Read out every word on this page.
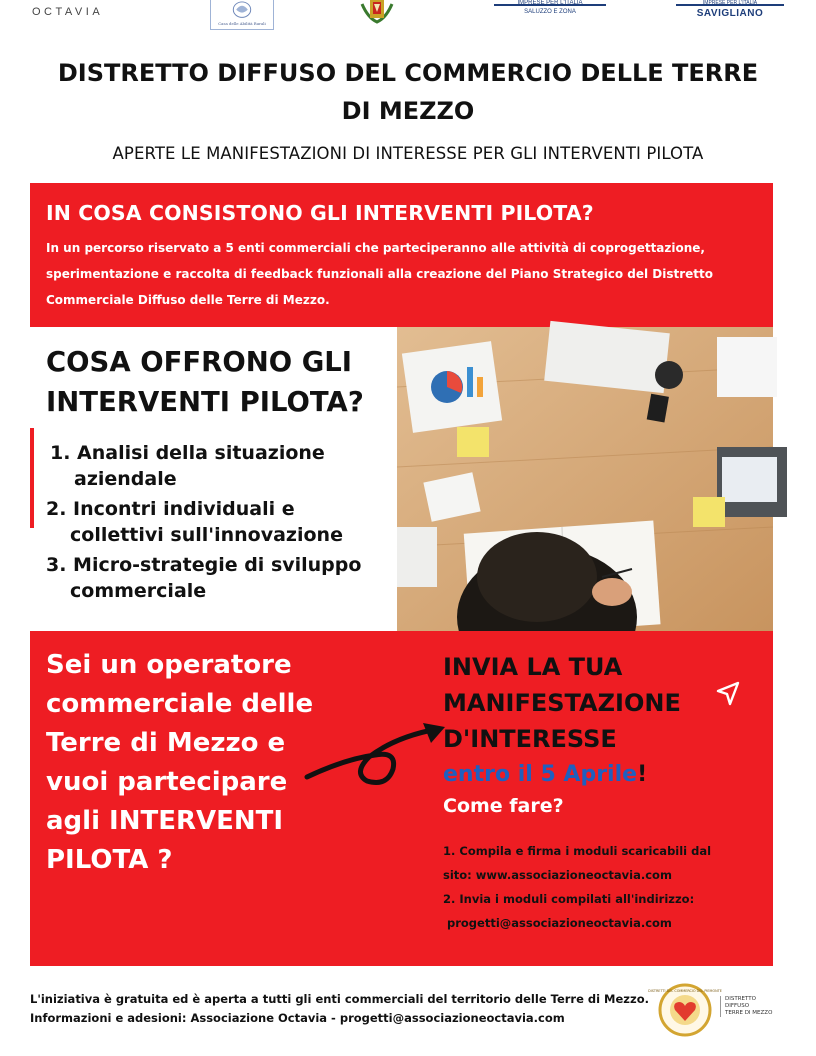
OCTAVIA
Casa delle Abilità Rurali
IMPRESE PER L'ITALIA
SALUZZO E ZONA
IMPRESE PER L'ITALIA
SAVIGLIANO
DISTRETTO DIFFUSO DEL COMMERCIO DELLE TERRE DI MEZZO
APERTE LE MANIFESTAZIONI DI INTERESSE PER GLI INTERVENTI PILOTA
IN COSA CONSISTONO GLI INTERVENTI PILOTA?

In un percorso riservato a 5 enti commerciali che parteciperanno alle attività di coprogettazione, sperimentazione e raccolta di feedback funzionali alla creazione del Piano Strategico del Distretto Commerciale Diffuso delle Terre di Mezzo.

COSA OFFRONO GLI INTERVENTI PILOTA?
1. Analisi della situazione
aziendale
2. Incontri individuali e
collettivi sull'innovazione
3. Micro-strategie di sviluppo
commerciale
Sei un operatore commerciale delle Terre di Mezzo e vuoi partecipare agli INTERVENTI PILOTA ?
INVIA LA TUA MANIFESTAZIONE D'INTERESSE
entro il 5 Aprile!
Come fare?
1. Compila e firma i moduli scaricabili dal
sito: www.associazioneoctavia.com
2. Invia i moduli compilati all'indirizzo:
progetti@associazioneoctavia.com
L'iniziativa è gratuita ed è aperta a tutti gli enti commerciali del territorio delle Terre di Mezzo.
Informazioni e adesioni: Associazione Octavia - progetti@associazioneoctavia.com
DISTRETTI DEL COMMERCIO DEL PIEMONTE
DISTRETTO
DIFFUSO
TERRE DI MEZZO
